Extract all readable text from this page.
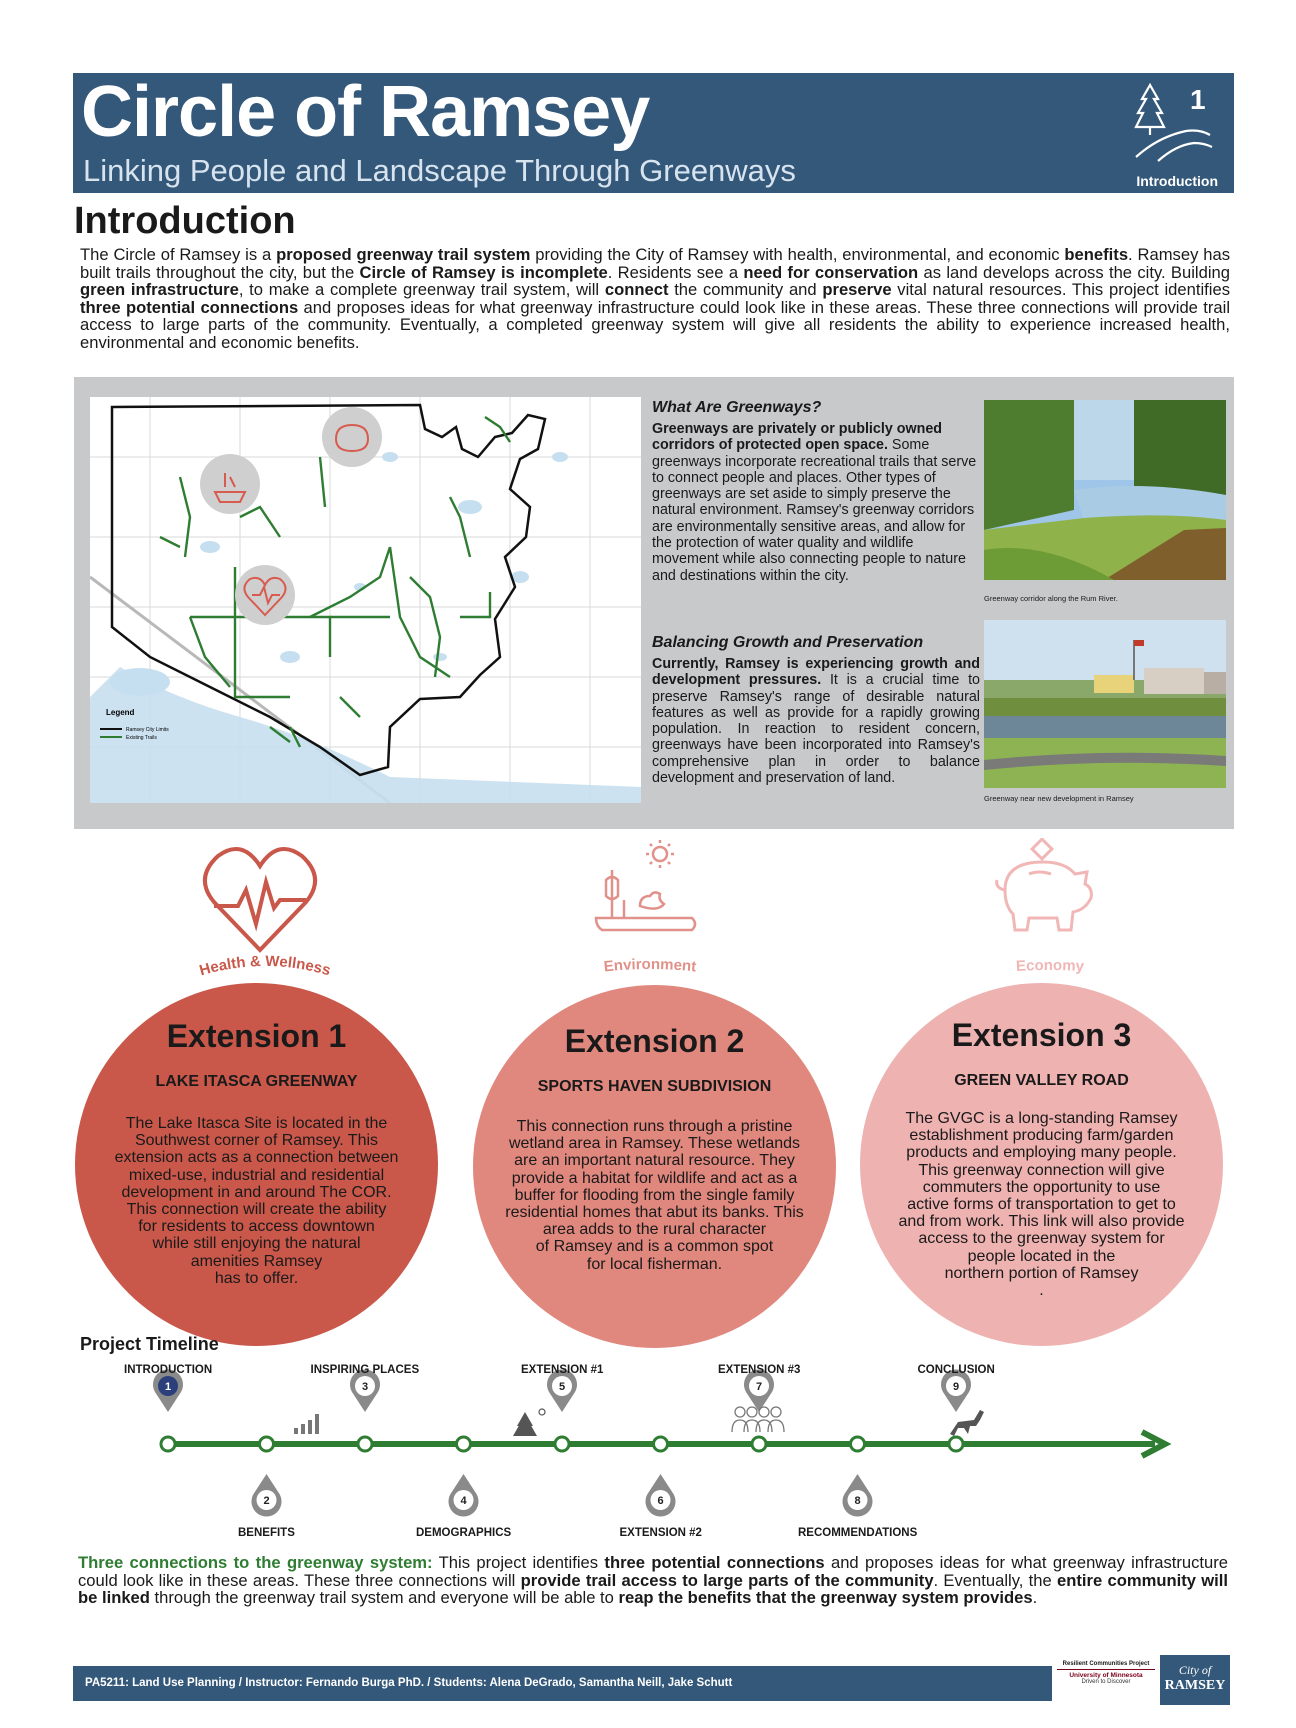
Circle of Ramsey
Linking People and Landscape Through Greenways
1
Introduction
Introduction
The Circle of Ramsey is a proposed greenway trail system providing the City of Ramsey with health, environmental, and economic benefits. Ramsey has built trails throughout the city, but the Circle of Ramsey is incomplete. Residents see a need for conservation as land develops across the city. Building green infrastructure, to make a complete greenway trail system, will connect the community and preserve vital natural resources. This project identifies three potential connections and proposes ideas for what greenway infrastructure could look like in these areas. These three connections will provide trail access to large parts of the community. Eventually, a completed greenway system will give all residents the ability to experience increased health, environmental and economic benefits.
Legend
Ramsey City Limits
Existing Trails
What Are Greenways?
Greenways are privately or publicly owned corridors of protected open space. Some greenways incorporate recreational trails that serve to connect people and places. Other types of greenways are set aside to simply preserve the natural environment. Ramsey's greenway corridors are environmentally sensitive areas, and allow for the protection of water quality and wildlife movement while also connecting people to nature and destinations within the city.
Greenway corridor along the Rum River.
Balancing Growth and Preservation
Currently, Ramsey is experiencing growth and development pressures. It is a crucial time to preserve Ramsey's range of desirable natural features as well as provide for a rapidly growing population. In reaction to resident concern, greenways have been incorporated into Ramsey's comprehensive plan in order to balance development and preservation of land.
Greenway near new development in Ramsey
Health & Wellness	Environment	Economy
Extension 1
LAKE ITASCA GREENWAY
The Lake Itasca Site is located in the
Southwest corner of Ramsey. This
extension acts as a connection between
mixed-use, industrial and residential
development in and around The COR.
This connection will create the ability
for residents to access downtown
while still enjoying the natural
amenities Ramsey
has to offer.
Extension 2
SPORTS HAVEN SUBDIVISION
This connection runs through a pristine
wetland area in Ramsey. These wetlands
are an important natural resource. They
provide a habitat for wildlife and act as a
buffer for flooding from the single family
residential homes that abut its banks. This
area adds to the rural character
of Ramsey and is a common spot
for local fisherman.
Extension 3
GREEN VALLEY ROAD
The GVGC is a long-standing Ramsey
establishment producing farm/garden
products and employing many people.
This greenway connection will give
commuters the opportunity to use
active forms of transportation to get to
and from work. This link will also provide
access to the greenway system for
people located in the
northern portion of Ramsey
.
Project Timeline
1
2
3
4
5
6
7
8
9
Three connections to the greenway system: This project identifies three potential connections and proposes ideas for what greenway infrastructure could look like in these areas. These three connections will provide trail access to large parts of the community. Eventually, the entire community will be linked through the greenway trail system and everyone will be able to reap the benefits that the greenway system provides.
PA5211: Land Use Planning / Instructor: Fernando Burga PhD. / Students: Alena DeGrado, Samantha Neill, Jake Schutt
Resilient Communities Project
University of Minnesota
Driven to Discover
City of
RAMSEY
INTRODUCTION
BENEFITS
INSPIRING PLACES
DEMOGRAPHICS
EXTENSION #1
EXTENSION #2
EXTENSION #3
RECOMMENDATIONS
CONCLUSION
